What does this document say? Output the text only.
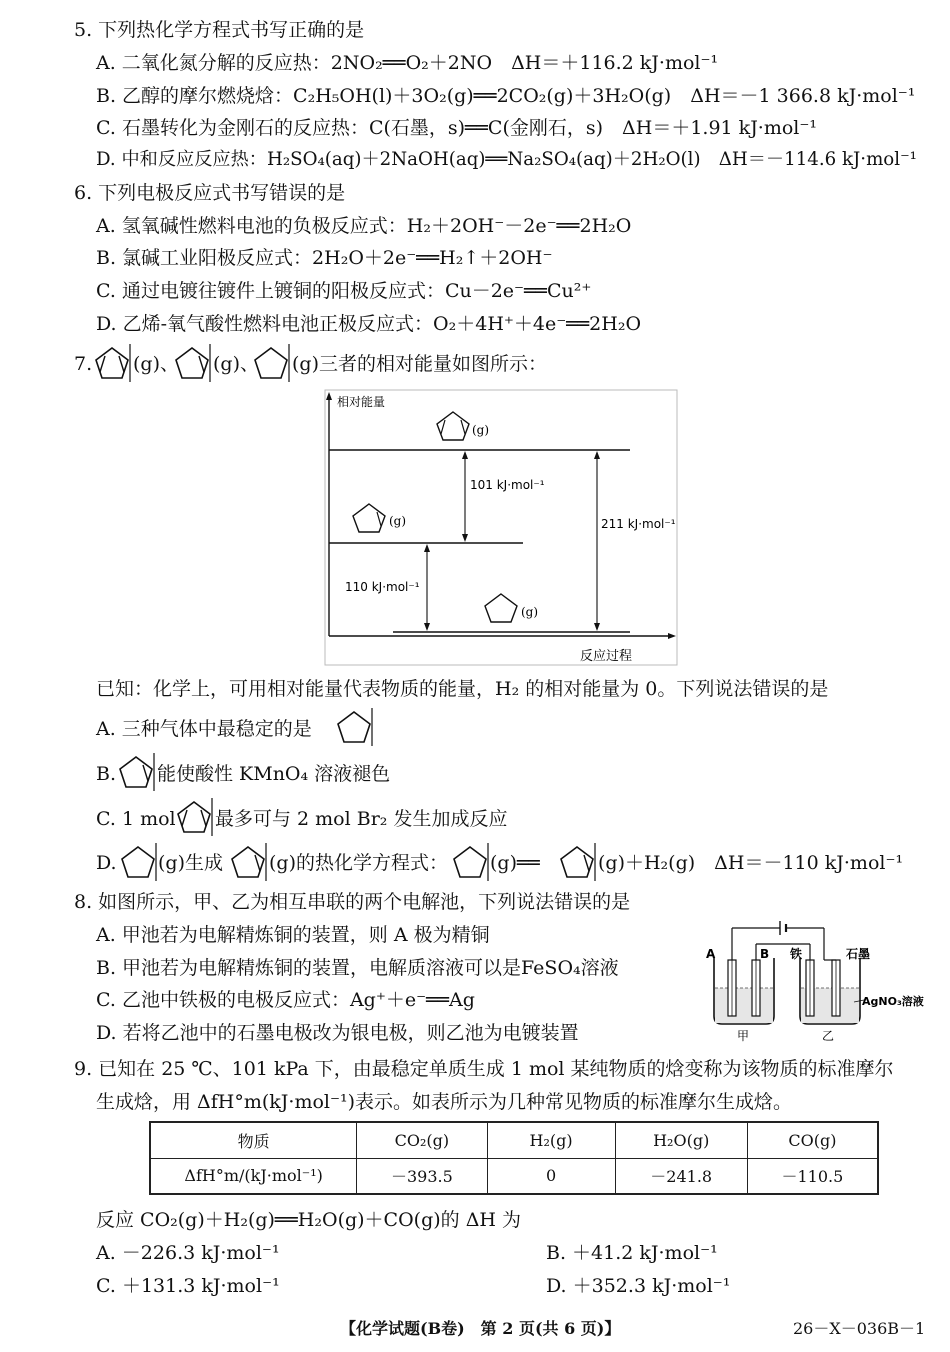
5. 下列热化学方程式书写正确的是
A. 二氧化氮分解的反应热：2NO₂══O₂＋2NO　ΔH＝＋116.2 kJ·mol⁻¹
B. 乙醇的摩尔燃烧焓：C₂H₅OH(l)＋3O₂(g)══2CO₂(g)＋3H₂O(g)　ΔH＝－1 366.8 kJ·mol⁻¹
C. 石墨转化为金刚石的反应热：C(石墨，s)══C(金刚石，s)　ΔH＝＋1.91 kJ·mol⁻¹
D. 中和反应反应热：H₂SO₄(aq)＋2NaOH(aq)══Na₂SO₄(aq)＋2H₂O(l)　ΔH＝－114.6 kJ·mol⁻¹
6. 下列电极反应式书写错误的是
A. 氢氧碱性燃料电池的负极反应式：H₂＋2OH⁻－2e⁻══2H₂O
B. 氯碱工业阳极反应式：2H₂O＋2e⁻══H₂↑＋2OH⁻
C. 通过电镀往镀件上镀铜的阳极反应式：Cu－2e⁻══Cu²⁺
D. 乙烯-氧气酸性燃料电池正极反应式：O₂＋4H⁺＋4e⁻══2H₂O
7. (g)、 (g)、 (g)三者的相对能量如图所示：
相对能量
反应过程
(g)
(g)
(g)
101 kJ·mol⁻¹
110 kJ·mol⁻¹
211 kJ·mol⁻¹
已知：化学上，可用相对能量代表物质的能量，H₂ 的相对能量为 0。下列说法错误的是
A. 三种气体中最稳定的是
B. 能使酸性 KMnO₄ 溶液褪色
C. 1 mol 最多可与 2 mol Br₂ 发生加成反应
D. (g)生成 (g)的热化学方程式： (g)══	(g)＋H₂(g)　ΔH＝－110 kJ·mol⁻¹
8. 如图所示，甲、乙为相互串联的两个电解池，下列说法错误的是
A. 甲池若为电解精炼铜的装置，则 A 极为精铜
B. 甲池若为电解精炼铜的装置，电解质溶液可以是FeSO₄溶液
C. 乙池中铁极的电极反应式：Ag⁺＋e⁻══Ag
D. 若将乙池中的石墨电极改为银电极，则乙池为电镀装置
A	B 铁	石墨
AgNO₃溶液
甲	乙
9. 已知在 25 ℃、101 kPa 下，由最稳定单质生成 1 mol 某纯物质的焓变称为该物质的标准摩尔
生成焓，用 ΔfH°m(kJ·mol⁻¹)表示。如表所示为几种常见物质的标准摩尔生成焓。
物质	CO₂(g)	H₂(g)	H₂O(g)	CO(g)
ΔfH°m/(kJ·mol⁻¹)	－393.5	0	－241.8	－110.5
反应 CO₂(g)＋H₂(g)══H₂O(g)＋CO(g)的 ΔH 为
A. －226.3 kJ·mol⁻¹	B. ＋41.2 kJ·mol⁻¹
C. ＋131.3 kJ·mol⁻¹	D. ＋352.3 kJ·mol⁻¹
【化学试题(B卷)　第 2 页(共 6 页)】	26－X－036B－1
